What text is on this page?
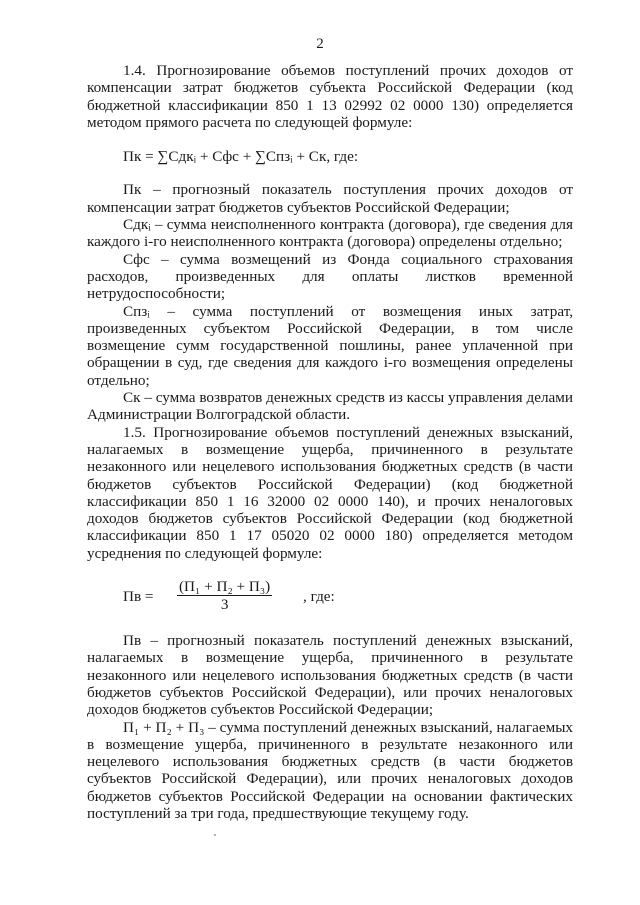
2

1.4. Прогнозирование объемов поступлений прочих доходов от компенсации затрат бюджетов субъекта Российской Федерации (код бюджетной классификации 850 1 13 02992 02 0000 130) определяется методом прямого расчета по следующей формуле:

Пк = ∑Сдкᵢ + Сфс + ∑Спзᵢ + Ск, где:

Пк – прогнозный показатель поступления прочих доходов от компенсации затрат бюджетов субъектов Российской Федерации;

Сдкᵢ – сумма неисполненного контракта (договора), где сведения для каждого i-го неисполненного контракта (договора) определены отдельно;

Сфс – сумма возмещений из Фонда социального страхования расходов, произведенных для оплаты листков временной нетрудоспособности;

Спзᵢ – сумма поступлений от возмещения иных затрат, произведенных субъектом Российской Федерации, в том числе возмещение сумм государственной пошлины, ранее уплаченной при обращении в суд, где сведения для каждого i-го возмещения определены отдельно;

Ск – сумма возвратов денежных средств из кассы управления делами Администрации Волгоградской области.

1.5. Прогнозирование объемов поступлений денежных взысканий, налагаемых в возмещение ущерба, причиненного в результате незаконного или нецелевого использования бюджетных средств (в части бюджетов субъектов Российской Федерации) (код бюджетной классификации 850 1 16 32000 02 0000 140), и прочих неналоговых доходов бюджетов субъектов Российской Федерации (код бюджетной классификации 850 1 17 05020 02 0000 180) определяется методом усреднения по следующей формуле:

Пв =
(П₁ + П₂ + П₃)
3	, где:

Пв – прогнозный показатель поступлений денежных взысканий, налагаемых в возмещение ущерба, причиненного в результате незаконного или нецелевого использования бюджетных средств (в части бюджетов субъектов Российской Федерации), или прочих неналоговых доходов бюджетов субъектов Российской Федерации;

П₁ + П₂ + П₃ – сумма поступлений денежных взысканий, налагаемых в возмещение ущерба, причиненного в результате незаконного или нецелевого использования бюджетных средств (в части бюджетов субъектов Российской Федерации), или прочих неналоговых доходов бюджетов субъектов Российской Федерации на основании фактических поступлений за три года, предшествующие текущему году.
